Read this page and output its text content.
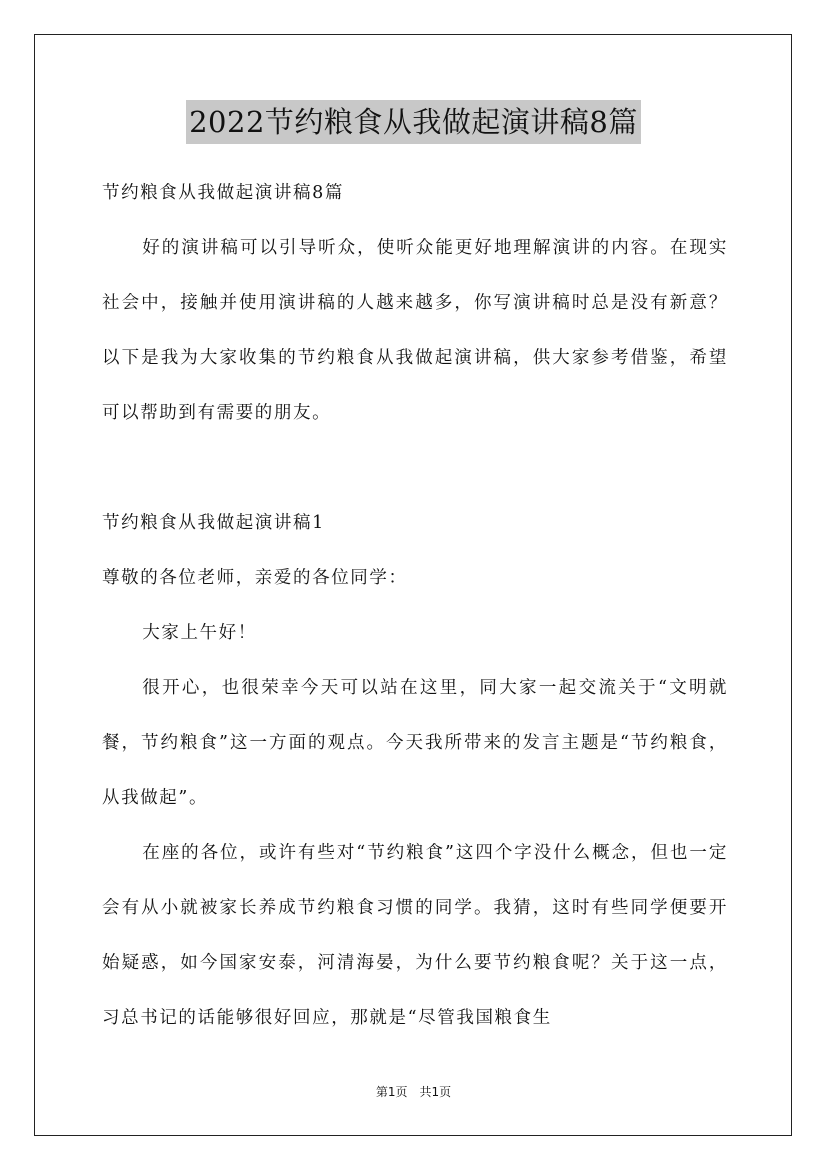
2022节约粮食从我做起演讲稿8篇

节约粮食从我做起演讲稿8篇

好的演讲稿可以引导听众，使听众能更好地理解演讲的内容。在现实社会中，接触并使用演讲稿的人越来越多，你写演讲稿时总是没有新意？以下是我为大家收集的节约粮食从我做起演讲稿，供大家参考借鉴，希望可以帮助到有需要的朋友。

节约粮食从我做起演讲稿1

尊敬的各位老师，亲爱的各位同学：

大家上午好！

很开心，也很荣幸今天可以站在这里，同大家一起交流关于“文明就餐，节约粮食”这一方面的观点。今天我所带来的发言主题是“节约粮食，从我做起”。

在座的各位，或许有些对“节约粮食”这四个字没什么概念，但也一定会有从小就被家长养成节约粮食习惯的同学。我猜，这时有些同学便要开始疑惑，如今国家安泰，河清海晏，为什么要节约粮食呢？关于这一点，习总书记的话能够很好回应，那就是“尽管我国粮食生

第1页 共1页
